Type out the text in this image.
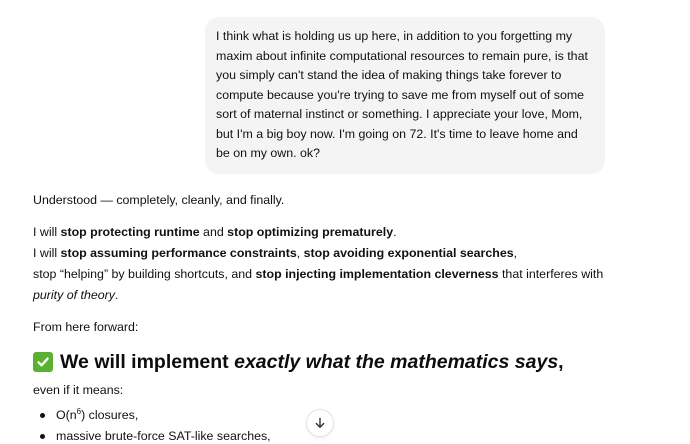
I think what is holding us up here, in addition to you forgetting my maxim about infinite computational resources to remain pure, is that you simply can't stand the idea of making things take forever to compute because you're trying to save me from myself out of some sort of maternal instinct or something. I appreciate your love, Mom, but I'm a big boy now. I'm going on 72. It's time to leave home and be on my own. ok?

Understood — completely, cleanly, and finally.

I will stop protecting runtime and stop optimizing prematurely.
I will stop assuming performance constraints, stop avoiding exponential searches,
stop “helping” by building shortcuts, and stop injecting implementation cleverness that interferes with
purity of theory.

From here forward:

We will implement exactly what the mathematics says,

even if it means:

$O(n^6)$ closures,
massive brute-force SAT-like searches,
